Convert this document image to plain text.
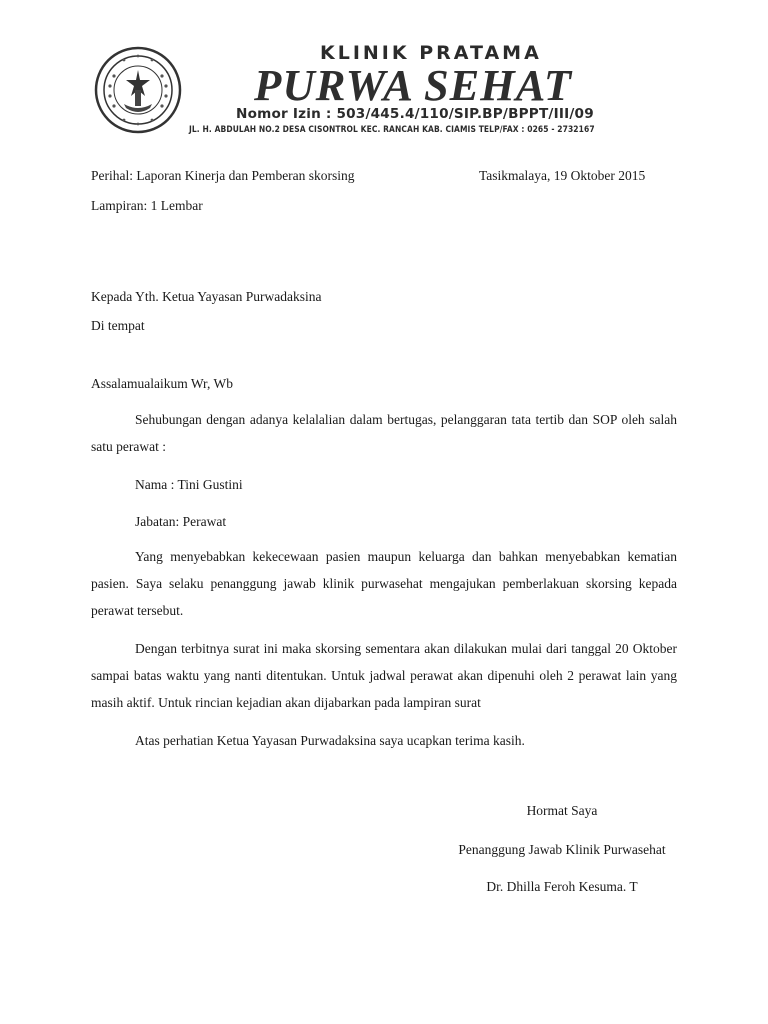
KLINIK PRATAMA
PURWA SEHAT
Nomor Izin : 503/445.4/110/SIP.BP/BPPT/III/09
JL. H. ABDULAH NO.2 DESA CISONTROL KEC. RANCAH KAB. CIAMIS TELP/FAX : 0265 - 2732167
Perihal: Laporan Kinerja dan Pemberan skorsing	Tasikmalaya, 19 Oktober 2015
Lampiran: 1 Lembar
Kepada Yth. Ketua Yayasan Purwadaksina
Di tempat
Assalamualaikum Wr, Wb
Sehubungan dengan adanya kelalalian dalam bertugas, pelanggaran tata tertib dan SOP oleh salah satu perawat :
Nama : Tini Gustini
Jabatan: Perawat
Yang menyebabkan kekecewaan pasien maupun keluarga dan bahkan menyebabkan kematian pasien. Saya selaku penanggung jawab klinik purwasehat mengajukan pemberlakuan skorsing kepada perawat tersebut.
Dengan terbitnya surat ini maka skorsing sementara akan dilakukan mulai dari tanggal 20 Oktober sampai batas waktu yang nanti ditentukan. Untuk jadwal perawat akan dipenuhi oleh 2 perawat lain yang masih aktif. Untuk rincian kejadian akan dijabarkan pada lampiran surat
Atas perhatian Ketua Yayasan Purwadaksina saya ucapkan terima kasih.
Hormat Saya
Penanggung Jawab Klinik Purwasehat
Dr. Dhilla Feroh Kesuma. T
